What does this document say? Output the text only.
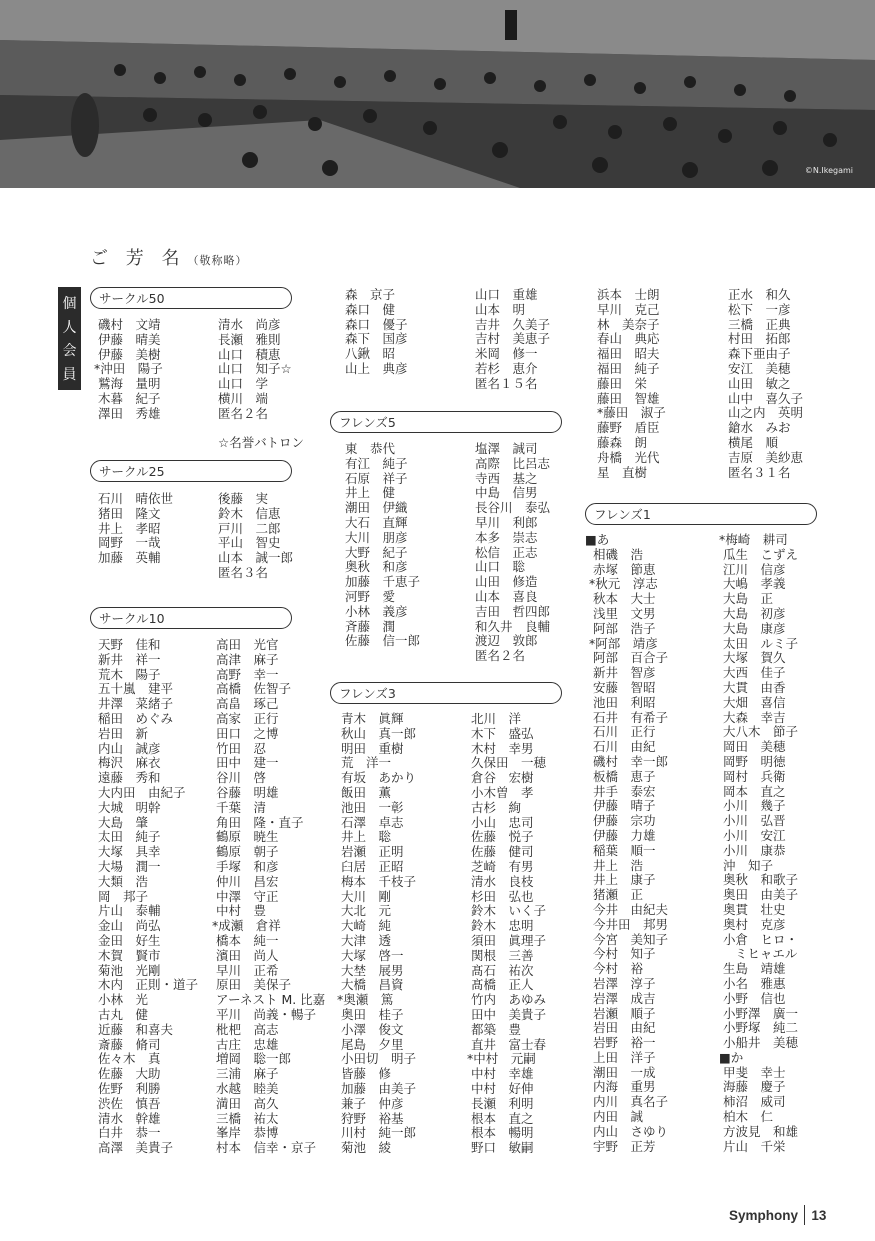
©N.Ikegami
ご 芳 名 （敬称略）
個
人
会
員
サークル50
サークル25
サークル10
フレンズ5
フレンズ3
フレンズ1
磯村　文靖
伊藤　晴美
伊藤　美樹
*沖田　陽子
鷲海　量明
木暮　紀子
澤田　秀雄
清水　尚彦
長瀬　雅則
山口　積恵
山口　知子☆
山口　学
横川　端
匿名２名
☆名誉バトロン
石川　晴依世
猪田　隆文
井上　孝昭
岡野　一哉
加藤　英輔
後藤　実
鈴木　信恵
戸川　二郎
平山　智史
山本　誠一郎
匿名３名
天野　佳和
新井　祥一
荒木　陽子
五十嵐　建平
井澤　菜緒子
稲田　めぐみ
岩田　新
内山　誠彦
梅沢　麻衣
遠藤　秀和
大内田　由紀子
大城　明幹
大島　肇
太田　純子
大塚　具幸
大場　潤一
大類　浩
岡　邦子
片山　泰輔
金山　尚弘
金田　好生
木賀　賢市
菊池　光剛
木内　正則・道子
小林　光
古丸　健
近藤　和喜夫
斎藤　脩司
佐々木　真
佐藤　大助
佐野　利勝
渋佐　慎吾
清水　幹雄
白井　恭一
高澤　美貴子
高田　光官
高津　麻子
高野　幸一
高橋　佐智子
高畠　琢己
高家　正行
田口　之博
竹田　忍
田中　建一
谷川　啓
谷藤　明雄
千葉　清
角田　隆・直子
鶴原　暁生
鶴原　朝子
手塚　和彦
仲川　昌宏
中澤　守正
中村　豊
*成瀬　倉祥
橋本　純一
濱田　尚人
早川　正希
原田　美保子
アーネスト M. 比嘉
平川　尚義・暢子
枇杷　高志
古庄　忠雄
増岡　聡一郎
三浦　麻子
水越　睦美
満田　高久
三橋　祐太
峯岸　恭博
村本　信幸・京子
森　京子
森口　健
森口　優子
森下　国彦
八鍬　昭
山上　典彦
山口　重雄
山本　明
吉井　久美子
吉村　美恵子
米岡　修一
若杉　恵介
匿名１５名
東　恭代
有江　純子
石原　祥子
井上　健
潮田　伊織
大石　直輝
大川　朋彦
大野　紀子
奥秋　和彦
加藤　千恵子
河野　愛
小林　義彦
斉藤　潤
佐藤　信一郎
塩澤　誠司
高際　比呂志
寺西　基之
中島　信男
長谷川　泰弘
早川　利郎
本多　崇志
松信　正志
山口　聡
山田　修造
山本　喜良
吉田　哲四郎
和久井　良輔
渡辺　敦郎
匿名２名
青木　眞輝
秋山　真一郎
明田　重樹
荒　洋一
有坂　あかり
飯田　薫
池田　一彰
石澤　卓志
井上　聡
岩瀬　正明
臼居　正昭
梅本　千枝子
大川　剛
大北　元
大崎　純
大津　透
大塚　啓一
大埜　展男
大橋　昌資
*奥瀬　篤
奥田　桂子
小澤　俊文
尾島　夕里
小田切　明子
皆藤　修
加藤　由美子
兼子　仲彦
狩野　裕基
川村　純一郎
菊池　綾
北川　洋
木下　盛弘
木村　幸男
久保田　一穂
倉谷　宏樹
小木曽　孝
古杉　絢
小山　忠司
佐藤　悦子
佐藤　健司
芝崎　有男
清水　良枝
杉田　弘也
鈴木　いく子
鈴木　忠明
須田　眞理子
関根　三善
髙石　祐次
髙橋　正人
竹内　あゆみ
田中　美貴子
都築　豊
直井　富士春
*中村　元嗣
中村　幸雄
中村　好伸
長瀬　利明
根本　直之
根本　暢明
野口　敏嗣
浜本　士朗
早川　克己
林　美奈子
春山　典応
福田　昭夫
福田　純子
藤田　栄
藤田　智雄
*藤田　淑子
藤野　盾臣
藤森　朗
舟橋　光代
星　直樹
正水　和久
松下　一彦
三橋　正典
村田　拓郎
森下亜由子
安江　美穂
山田　敏之
山中　喜久子
山之内　英明
鎗水　みお
横尾　順
吉原　美紗恵
匿名３１名
■あ
相磯　浩
赤塚　節恵
*秋元　淳志
秋本　大士
浅里　文男
阿部　浩子
*阿部　靖彦
阿部　百合子
新井　智彦
安藤　智昭
池田　利昭
石井　有希子
石川　正行
石川　由紀
磯村　幸一郎
板橋　恵子
井手　泰宏
伊藤　晴子
伊藤　宗功
伊藤　力雄
稲葉　順一
井上　浩
井上　康子
猪瀬　正
今井　由紀夫
今井田　邦男
今宮　美知子
今村　知子
今村　裕
岩澤　淳子
岩澤　成吉
岩瀬　順子
岩田　由紀
岩野　裕一
上田　洋子
潮田　一成
内海　重男
内川　真名子
内田　誠
内山　さゆり
宇野　正芳
*梅崎　耕司
瓜生　こずえ
江川　信彦
大嶋　孝義
大島　正
大島　初彦
大島　康彦
太田　ルミ子
大塚　賀久
大西　佳子
大貫　由香
大畑　喜信
大森　幸吉
大八木　節子
岡田　美穂
岡野　明徳
岡村　兵衛
岡本　直之
小川　幾子
小川　弘晋
小川　安江
小川　康恭
沖　知子
奥秋　和歌子
奥田　由美子
奥貫　壮史
奥村　克彦
小倉　ヒロ・
ミヒャエル
生島　靖雄
小名　雅惠
小野　信也
小野澤　廣一
小野塚　純二
小船井　美穂
■か
甲斐　幸士
海藤　慶子
柿沼　威司
柏木　仁
方波見　和雄
片山　千栄
Symphony 13
